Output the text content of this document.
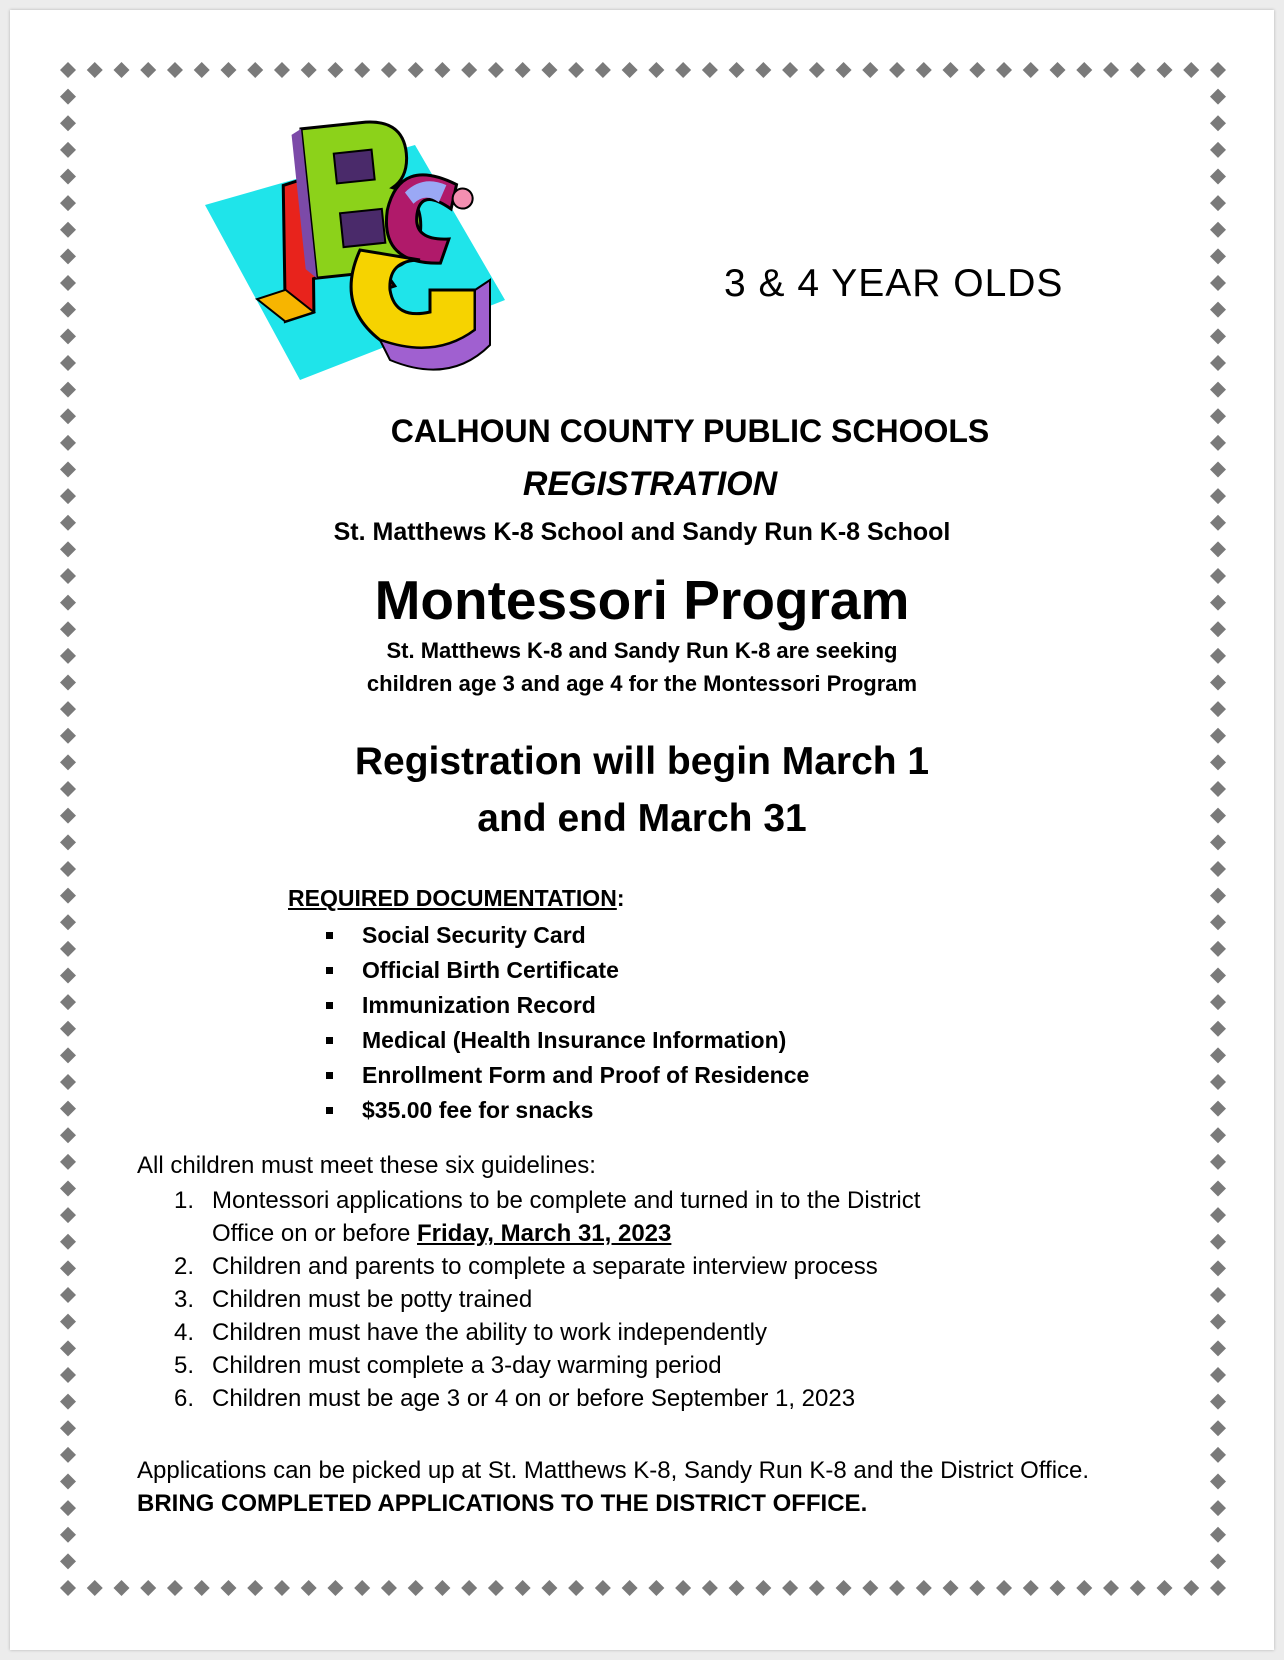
3 & 4 YEAR OLDS
CALHOUN COUNTY PUBLIC SCHOOLS
REGISTRATION
St. Matthews K-8 School and Sandy Run K-8 School
Montessori Program
St. Matthews K-8 and Sandy Run K-8 are seeking
children age 3 and age 4 for the Montessori Program
Registration will begin March 1
and end March 31
REQUIRED DOCUMENTATION:
Social Security Card
Official Birth Certificate
Immunization Record
Medical (Health Insurance Information)
Enrollment Form and Proof of Residence
$35.00 fee for snacks
All children must meet these six guidelines:
1. Montessori applications to be complete and turned in to the District
Office on or before Friday, March 31, 2023
2. Children and parents to complete a separate interview process
3. Children must be potty trained
4. Children must have the ability to work independently
5. Children must complete a 3-day warming period
6. Children must be age 3 or 4 on or before September 1, 2023
Applications can be picked up at St. Matthews K-8, Sandy Run K-8 and the District Office.  BRING COMPLETED APPLICATIONS TO THE DISTRICT OFFICE.
